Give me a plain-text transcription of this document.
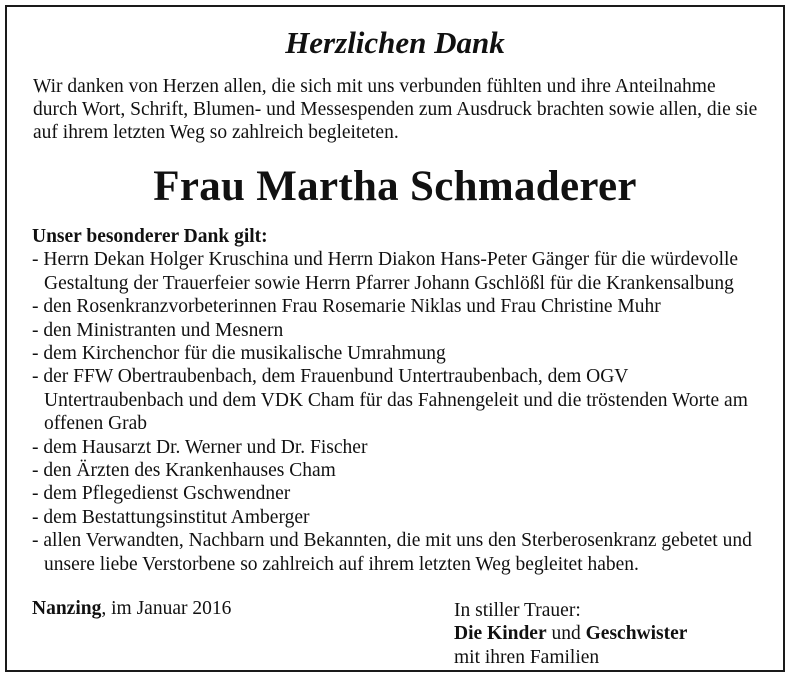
Herzlichen Dank

Wir danken von Herzen allen, die sich mit uns verbunden fühlten und ihre Anteilnahme durch Wort, Schrift, Blumen- und Messespenden zum Ausdruck brachten sowie allen, die sie auf ihrem letzten Weg so zahlreich begleiteten.

Frau Martha Schmaderer
Unser besonderer Dank gilt:
- Herrn Dekan Holger Kruschina und Herrn Diakon Hans-Peter Gänger für die würdevolle Gestaltung der Trauerfeier sowie Herrn Pfarrer Johann Gschlößl für die Krankensalbung
- den Rosenkranzvorbeterinnen Frau Rosemarie Niklas und Frau Christine Muhr
- den Ministranten und Mesnern
- dem Kirchenchor für die musikalische Umrahmung
- der FFW Obertraubenbach, dem Frauenbund Untertraubenbach, dem OGV Untertraubenbach und dem VDK Cham für das Fahnengeleit und die tröstenden Worte am offenen Grab
- dem Hausarzt Dr. Werner und Dr. Fischer
- den Ärzten des Krankenhauses Cham
- dem Pflegedienst Gschwendner
- dem Bestattungsinstitut Amberger
- allen Verwandten, Nachbarn und Bekannten, die mit uns den Sterberosenkranz gebetet und unsere liebe Verstorbene so zahlreich auf ihrem letzten Weg begleitet haben.

Nanzing, im Januar 2016	In stiller Trauer:
Die Kinder und Geschwister
mit ihren Familien
